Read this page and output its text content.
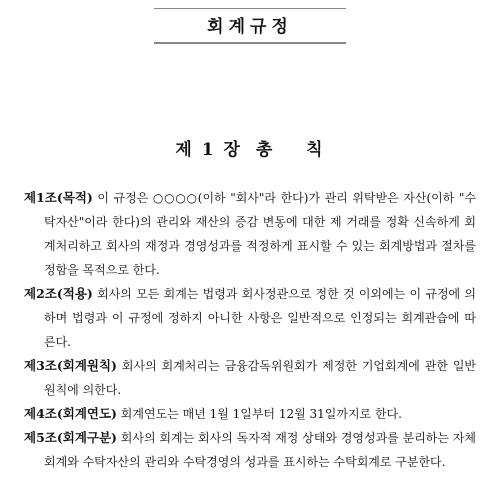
회계규정
제 1 장 총 칙
제1조(목적) 이 규정은 ○○○○(이하 "회사"라 한다)가 관리 위탁받은 자산(이하 "수탁자산"이라 한다)의 관리와 재산의 증감 변동에 대한 제 거래를 정확 신속하게 회계처리하고 회사의 재정과 경영성과를 적정하게 표시할 수 있는 회계방법과 절차를 정함을 목적으로 한다.
제2조(적용) 회사의 모든 회계는 법령과 회사정관으로 정한 것 이외에는 이 규정에 의하며 법령과 이 규정에 정하지 아니한 사항은 일반적으로 인정되는 회계관습에 따른다.
제3조(회계원칙) 회사의 회계처리는 금융감독위원회가 제정한 기업회계에 관한 일반원칙에 의한다.
제4조(회계연도) 회계연도는 매년 1월 1일부터 12월 31일까지로 한다.
제5조(회계구분) 회사의 회계는 회사의 독자적 재정 상태와 경영성과를 분리하는 자체회계와 수탁자산의 관리와 수탁경영의 성과를 표시하는 수탁회계로 구분한다.
